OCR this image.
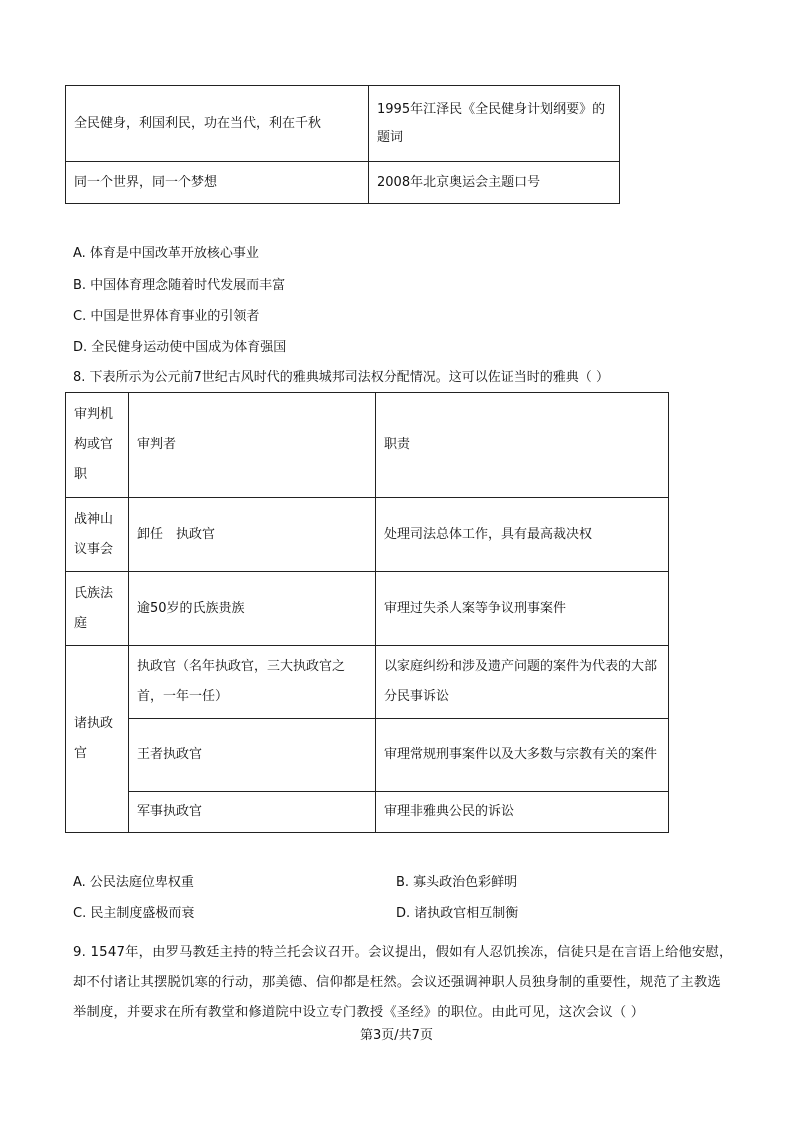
全民健身，利国利民，功在当代，利在千秋	1995年江泽民《全民健身计划纲要》的题词
同一个世界，同一个梦想	2008年北京奥运会主题口号
A. 体育是中国改革开放核心事业
B. 中国体育理念随着时代发展而丰富
C. 中国是世界体育事业的引领者
D. 全民健身运动使中国成为体育强国
8. 下表所示为公元前7世纪古风时代的雅典城邦司法权分配情况。这可以佐证当时的雅典（ ）
审判机构或官职	审判者	职责
战神山议事会	卸任　执政官	处理司法总体工作，具有最高裁决权
氏族法庭	逾50岁的氏族贵族	审理过失杀人案等争议刑事案件
诸执政官	执政官（名年执政官，三大执政官之首，一年一任）	以家庭纠纷和涉及遗产问题的案件为代表的大部分民事诉讼
	王者执政官	审理常规刑事案件以及大多数与宗教有关的案件
	军事执政官	审理非雅典公民的诉讼
A. 公民法庭位卑权重	B. 寡头政治色彩鲜明
C. 民主制度盛极而衰	D. 诸执政官相互制衡
9. 1547年，由罗马教廷主持的特兰托会议召开。会议提出，假如有人忍饥挨冻，信徒只是在言语上给他安慰，却不付诸让其摆脱饥寒的行动，那美德、信仰都是枉然。会议还强调神职人员独身制的重要性，规范了主教选举制度，并要求在所有教堂和修道院中设立专门教授《圣经》的职位。由此可见，这次会议（ ）
第3页/共7页
